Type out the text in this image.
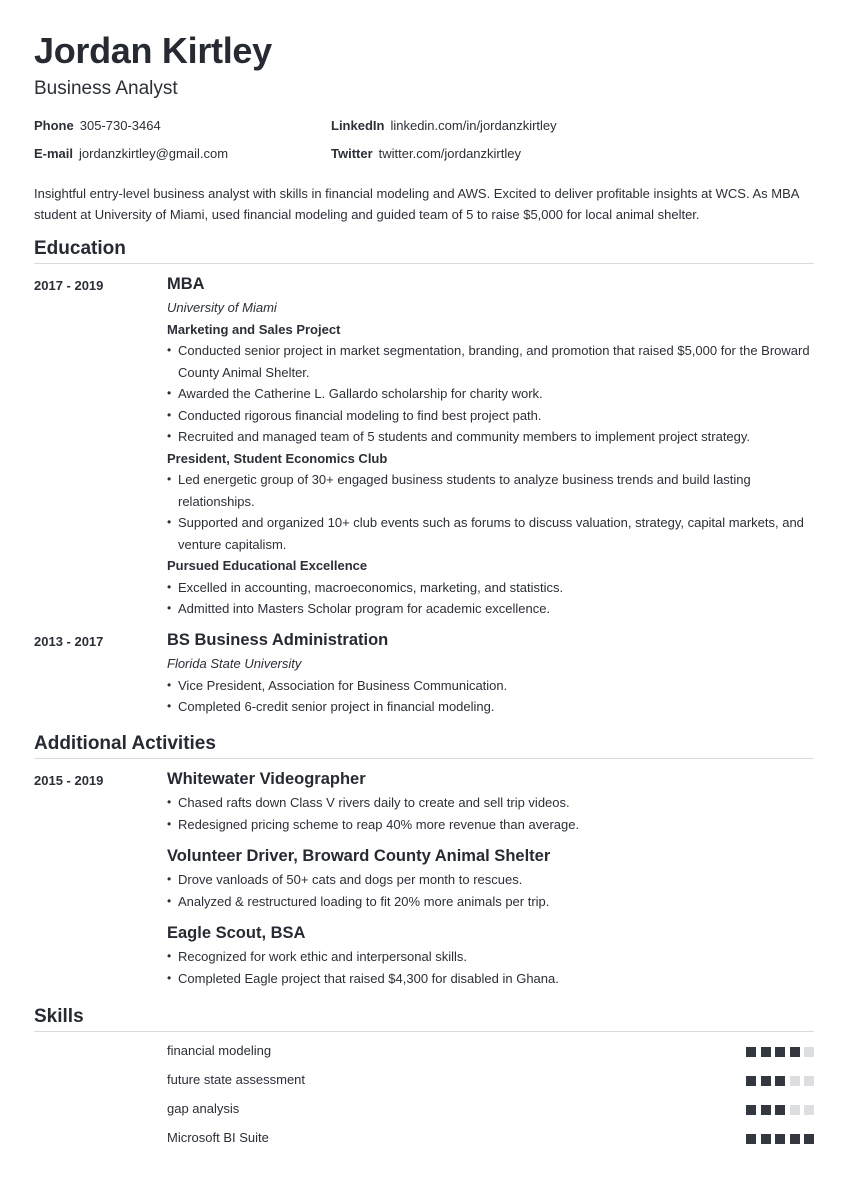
Jordan Kirtley
Business Analyst
Phone 305-730-3464	LinkedIn linkedin.com/in/jordanzkirtley
E-mail jordanzkirtley@gmail.com	Twitter twitter.com/jordanzkirtley
Insightful entry-level business analyst with skills in financial modeling and AWS. Excited to deliver profitable insights at WCS. As MBA student at University of Miami, used financial modeling and guided team of 5 to raise $5,000 for local animal shelter.
Education
2017 - 2019	MBA
University of Miami
Marketing and Sales Project
• Conducted senior project in market segmentation, branding, and promotion that raised $5,000 for the Broward County Animal Shelter.
• Awarded the Catherine L. Gallardo scholarship for charity work.
• Conducted rigorous financial modeling to find best project path.
• Recruited and managed team of 5 students and community members to implement project strategy.
President, Student Economics Club
• Led energetic group of 30+ engaged business students to analyze business trends and build lasting relationships.
• Supported and organized 10+ club events such as forums to discuss valuation, strategy, capital markets, and venture capitalism.
Pursued Educational Excellence
• Excelled in accounting, macroeconomics, marketing, and statistics.
• Admitted into Masters Scholar program for academic excellence.
2013 - 2017	BS Business Administration
Florida State University
• Vice President, Association for Business Communication.
• Completed 6-credit senior project in financial modeling.
Additional Activities
2015 - 2019	Whitewater Videographer
• Chased rafts down Class V rivers daily to create and sell trip videos.
• Redesigned pricing scheme to reap 40% more revenue than average.
Volunteer Driver, Broward County Animal Shelter
• Drove vanloads of 50+ cats and dogs per month to rescues.
• Analyzed & restructured loading to fit 20% more animals per trip.
Eagle Scout, BSA
• Recognized for work ethic and interpersonal skills.
• Completed Eagle project that raised $4,300 for disabled in Ghana.
Skills
financial modeling
future state assessment
gap analysis
Microsoft BI Suite
